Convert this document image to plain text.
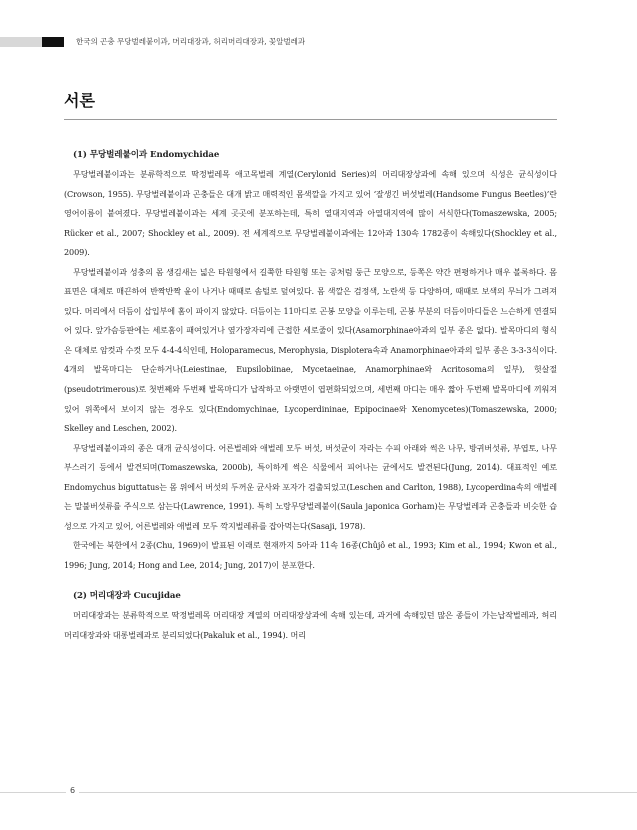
한국의 곤충 무당벌레붙이과, 머리대장과, 허리머리대장과, 꽃알벌레과
서론
(1) 무당벌레붙이과 Endomychidae

무당벌레붙이과는 분류학적으로 딱정벌레목 애고목벌레 계열(Cerylonid Series)의 머리대장상과에 속해 있으며 식성은 균식성이다(Crowson, 1955). 무당벌레붙이과 곤충들은 대개 밝고 매력적인 몸색깔을 가지고 있어 ‘잘생긴 버섯벌레(Handsome Fungus Beetles)’란 영어이름이 붙여졌다. 무당벌레붙이과는 세계 곳곳에 분포하는데, 특히 열대지역과 아열대지역에 많이 서식한다(Tomaszewska, 2005; Rücker et al., 2007; Shockley et al., 2009). 전 세계적으로 무당벌레붙이과에는 12아과 130속 1782종이 속해있다(Shockley et al., 2009).

무당벌레붙이과 성충의 몸 생김새는 넓은 타원형에서 길쭉한 타원형 또는 공처럼 둥근 모양으로, 등쪽은 약간 편평하거나 매우 볼록하다. 몸 표면은 대체로 매끈하여 반짝반짝 윤이 나거나 때때로 솜털로 덮여있다. 몸 색깔은 검정색, 노란색 등 다양하며, 때때로 보색의 무늬가 그려져 있다. 머리에서 더듬이 삽입부에 홈이 파이지 않았다. 더듬이는 11마디로 곤봉 모양을 이루는데, 곤봉 부분의 더듬이마디들은 느슨하게 연결되어 있다. 앞가슴등판에는 세로홈이 패여있거나 옆가장자리에 근접한 세로줄이 있다(Asamorphinae아과의 일부 종은 없다). 발목마디의 형식은 대체로 암컷과 수컷 모두 4-4-4식인데, Holoparamecus, Merophysia, Displotera속과 Anamorphinae아과의 일부 종은 3-3-3식이다. 4개의 발목마디는 단순하거나(Leiestinae, Eupsilobiinae, Mycetaeinae, Anamorphinae와 Acritosoma의 일부), 헛살절(pseudotrimerous)로 첫번째와 두번째 발목마디가 납작하고 아랫면이 엽편화되었으며, 세번째 마디는 매우 짧아 두번째 발목마디에 끼워져 있어 위쪽에서 보이지 않는 경우도 있다(Endomychinae, Lycoperdininae, Epipocinae와 Xenomycetes)(Tomaszewska, 2000; Skelley and Leschen, 2002).

무당벌레붙이과의 종은 대개 균식성이다. 어른벌레와 애벌레 모두 버섯, 버섯균이 자라는 수피 아래와 썩은 나무, 방귀버섯류, 부엽토, 나무부스러기 등에서 발견되며(Tomaszewska, 2000b), 특이하게 썩은 식물에서 피어나는 균에서도 발견된다(Jung, 2014). 대표적인 예로 Endomychus biguttatus는 몸 위에서 버섯의 두꺼운 균사와 포자가 검출되었고(Leschen and Carlton, 1988), Lycoperdina속의 애벌레는 말불버섯류를 주식으로 삼는다(Lawrence, 1991). 특히 노랑무당벌레붙이(Saula japonica Gorham)는 무당벌레과 곤충들과 비슷한 습성으로 가지고 있어, 어른벌레와 애벌레 모두 깍지벌레류를 잡아먹는다(Sasaji, 1978).

한국에는 북한에서 2종(Chu, 1969)이 발표된 이래로 현재까지 5아과 11속 16종(Chûjô et al., 1993; Kim et al., 1994; Kwon et al., 1996; Jung, 2014; Hong and Lee, 2014; Jung, 2017)이 분포한다.

(2) 머리대장과 Cucujidae

머리대장과는 분류학적으로 딱정벌레목 머리대장 계열의 머리대장상과에 속해 있는데, 과거에 속해있던 많은 종들이 가는납작벌레과, 허리머리대장과와 대롱벌레과로 분리되었다(Pakaluk et al., 1994). 머리

6
